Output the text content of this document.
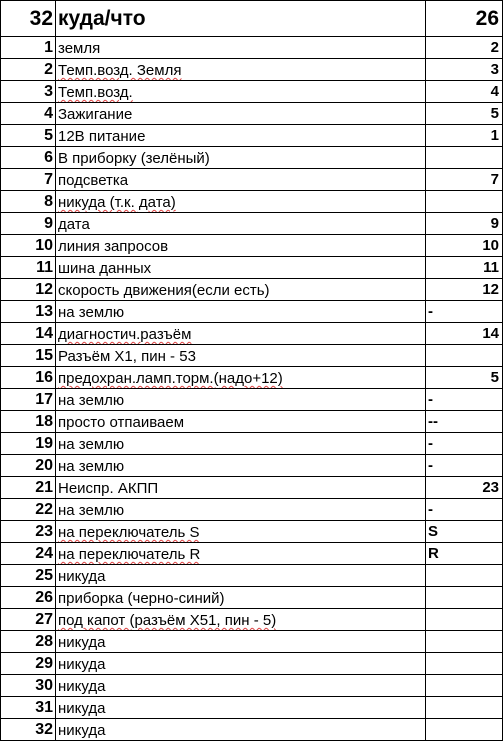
32 куда/что	26
1 земля	2
2 Темп.возд. Земля	3
3 Темп.возд.	4
4 Зажигание	5
5 12В питание	1
6 В приборку (зелёный)
7 подсветка	7
8 никуда (т.к. дата)
9 дата	9
10 линия запросов	10
11 шина данных	11
12 скорость движения(если есть)	12
13 на землю	-
14 диагностич.разъём	14
15 Разъём Х1, пин - 53
16 предохран.ламп.торм.(надо+12)	5
17 на землю	-
18 просто отпаиваем	--
19 на землю	-
20 на землю	-
21 Неиспр. АКПП	23
22 на землю	-
23 на переключатель S	S
24 на переключатель R	R
25 никуда
26 приборка (черно-синий)
27 под капот (разъём Х51, пин - 5)
28 никуда
29 никуда
30 никуда
31 никуда
32 никуда
